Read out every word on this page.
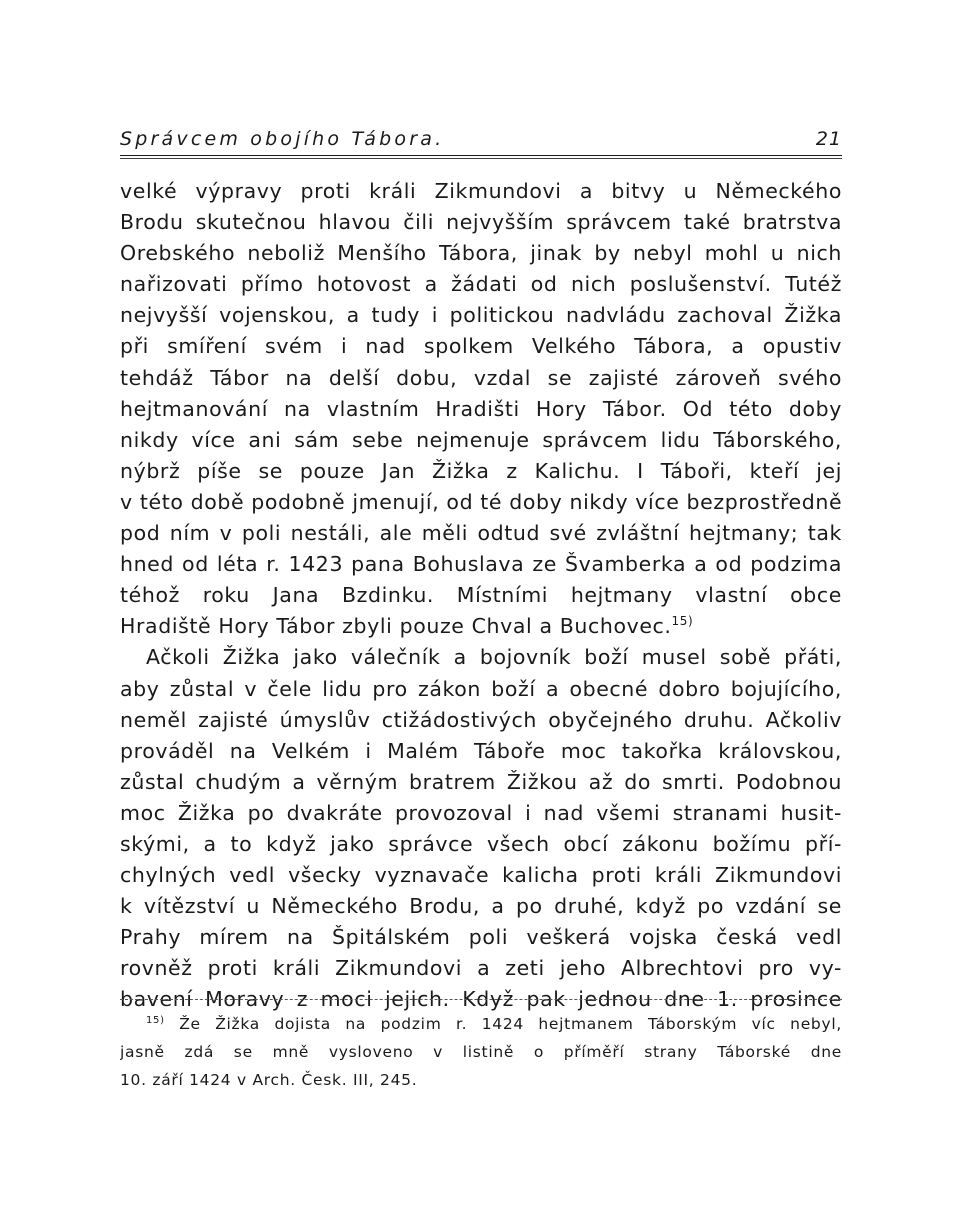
Správcem obojího Tábora.	21
velké výpravy proti králi Zikmundovi a bitvy u Německého
Brodu skutečnou hlavou čili nejvyšším správcem také bratrstva
Orebského neboliž Menšího Tábora, jinak by nebyl mohl u nich
nařizovati přímo hotovost a žádati od nich poslušenství. Tutéž
nejvyšší vojenskou, a tudy i politickou nadvládu zachoval Žižka
při smíření svém i nad spolkem Velkého Tábora, a opustiv
tehdáž Tábor na delší dobu, vzdal se zajisté zároveň svého
hejtmanování na vlastním Hradišti Hory Tábor. Od této doby
nikdy více ani sám sebe nejmenuje správcem lidu Táborského,
nýbrž píše se pouze Jan Žižka z Kalichu. I Táboři, kteří jej
v této době podobně jmenují, od té doby nikdy více bezprostředně
pod ním v poli nestáli, ale měli odtud své zvláštní hejtmany; tak
hned od léta r. 1423 pana Bohuslava ze Švamberka a od podzima
téhož roku Jana Bzdinku. Místními hejtmany vlastní obce
Hradiště Hory Tábor zbyli pouze Chval a Buchovec.$^{15)}$
Ačkoli Žižka jako válečník a bojovník boží musel sobě přáti,
aby zůstal v čele lidu pro zákon boží a obecné dobro bojujícího,
neměl zajisté úmyslův ctižádostivých obyčejného druhu. Ačkoliv
prováděl na Velkém i Malém Táboře moc takořka královskou,
zůstal chudým a věrným bratrem Žižkou až do smrti. Podobnou
moc Žižka po dvakráte provozoval i nad všemi stranami husit-
skými, a to když jako správce všech obcí zákonu božímu pří-
chylných vedl všecky vyznavače kalicha proti králi Zikmundovi
k vítězství u Německého Brodu, a po druhé, když po vzdání se
Prahy mírem na Špitálském poli veškerá vojska česká vedl
rovněž proti králi Zikmundovi a zeti jeho Albrechtovi pro vy-
bavení Moravy z moci jejich. Když pak jednou dne 1. prosince
$^{15)}$ Že Žižka dojista na podzim r. 1424 hejtmanem Táborským víc nebyl,
jasně zdá se mně vysloveno v listině o příměří strany Táborské dne
10. září 1424 v Arch. Česk. III, 245.
